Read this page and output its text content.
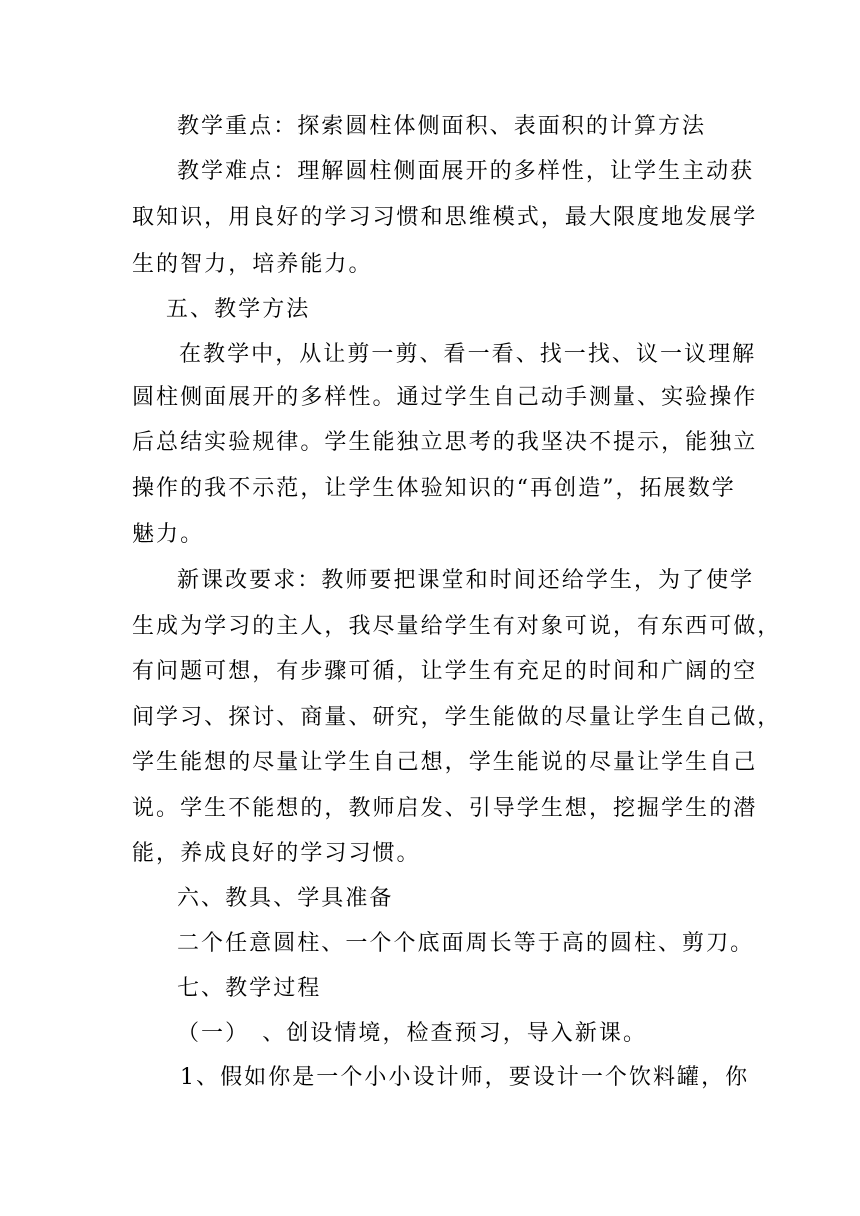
教学重点：探索圆柱体侧面积、表面积的计算方法
教学难点：理解圆柱侧面展开的多样性，让学生主动获
取知识，用良好的学习习惯和思维模式，最大限度地发展学
生的智力，培养能力。
五、教学方法
在教学中，从让剪一剪、看一看、找一找、议一议理解
圆柱侧面展开的多样性。通过学生自己动手测量、实验操作
后总结实验规律。学生能独立思考的我坚决不提示，能独立
操作的我不示范，让学生体验知识的“再创造”，拓展数学
魅力。
新课改要求：教师要把课堂和时间还给学生，为了使学
生成为学习的主人，我尽量给学生有对象可说，有东西可做，
有问题可想，有步骤可循，让学生有充足的时间和广阔的空
间学习、探讨、商量、研究，学生能做的尽量让学生自己做，
学生能想的尽量让学生自己想，学生能说的尽量让学生自己
说。学生不能想的，教师启发、引导学生想，挖掘学生的潜
能，养成良好的学习习惯。
六、教具、学具准备
二个任意圆柱、一个个底面周长等于高的圆柱、剪刀。
七、教学过程
（一）　、创设情境，检查预习，导入新课。
1、假如你是一个小小设计师，要设计一个饮料罐，你
